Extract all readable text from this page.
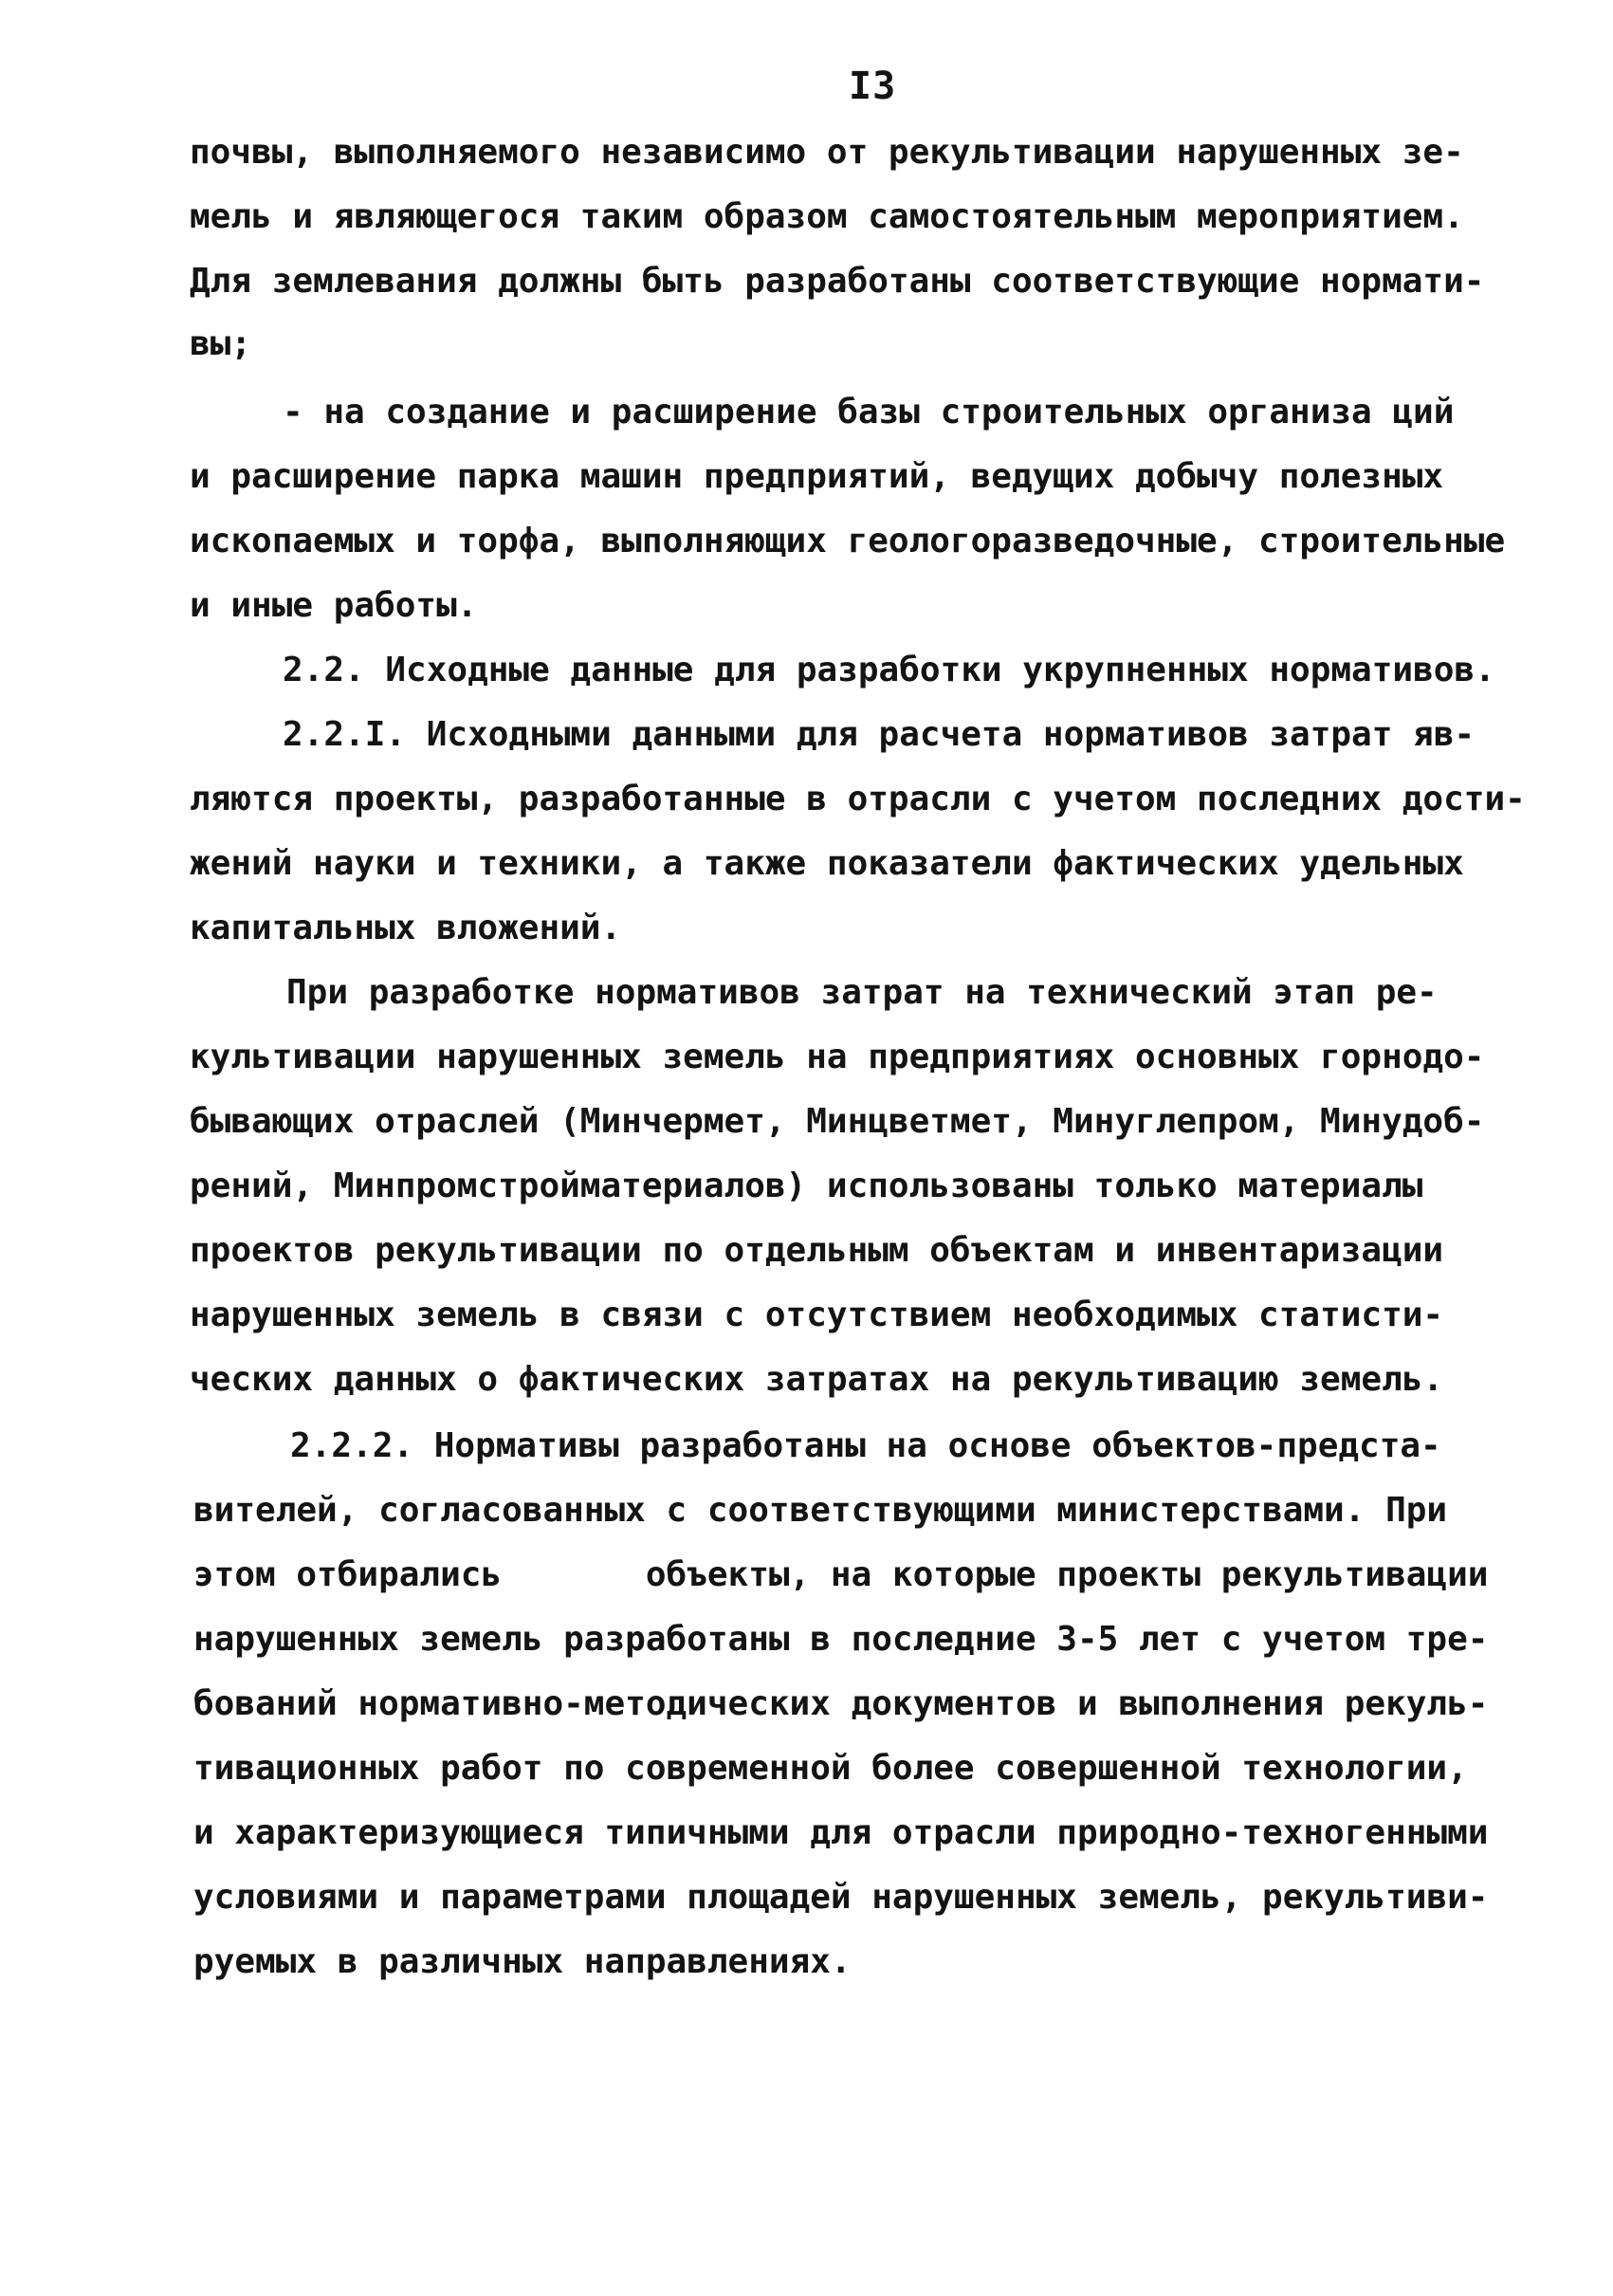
I3
почвы, выполняемого независимо от рекультивации нарушенных зе-
мель и являющегося таким образом самостоятельным мероприятием.
Для землевания должны быть разработаны соответствующие нормати-
вы;
- на создание и расширение базы строительных организа ций
и расширение парка машин предприятий, ведущих добычу полезных
ископаемых и торфа, выполняющих геологоразведочные, строительные
и иные работы.
2.2. Исходные данные для разработки укрупненных нормативов.
2.2.I. Исходными данными для расчета нормативов затрат яв-
ляются проекты, разработанные в отрасли с учетом последних дости-
жений науки и техники, а также показатели фактических удельных
капитальных вложений.
При разработке нормативов затрат на технический этап ре-
культивации нарушенных земель на предприятиях основных горнодо-
бывающих отраслей (Минчермет, Минцветмет, Минуглепром, Минудоб-
рений, Минпромстройматериалов) использованы только материалы
проектов рекультивации по отдельным объектам и инвентаризации
нарушенных земель в связи с отсутствием необходимых статисти-
ческих данных о фактических затратах на рекультивацию земель.
2.2.2. Нормативы разработаны на основе объектов-предста-
вителей, согласованных с соответствующими министерствами. При
этом отбирались       объекты, на которые проекты рекультивации
нарушенных земель разработаны в последние 3-5 лет с учетом тре-
бований нормативно-методических документов и выполнения рекуль-
тивационных работ по современной более совершенной технологии,
и характеризующиеся типичными для отрасли природно-техногенными
условиями и параметрами площадей нарушенных земель, рекультиви-
руемых в различных направлениях.
